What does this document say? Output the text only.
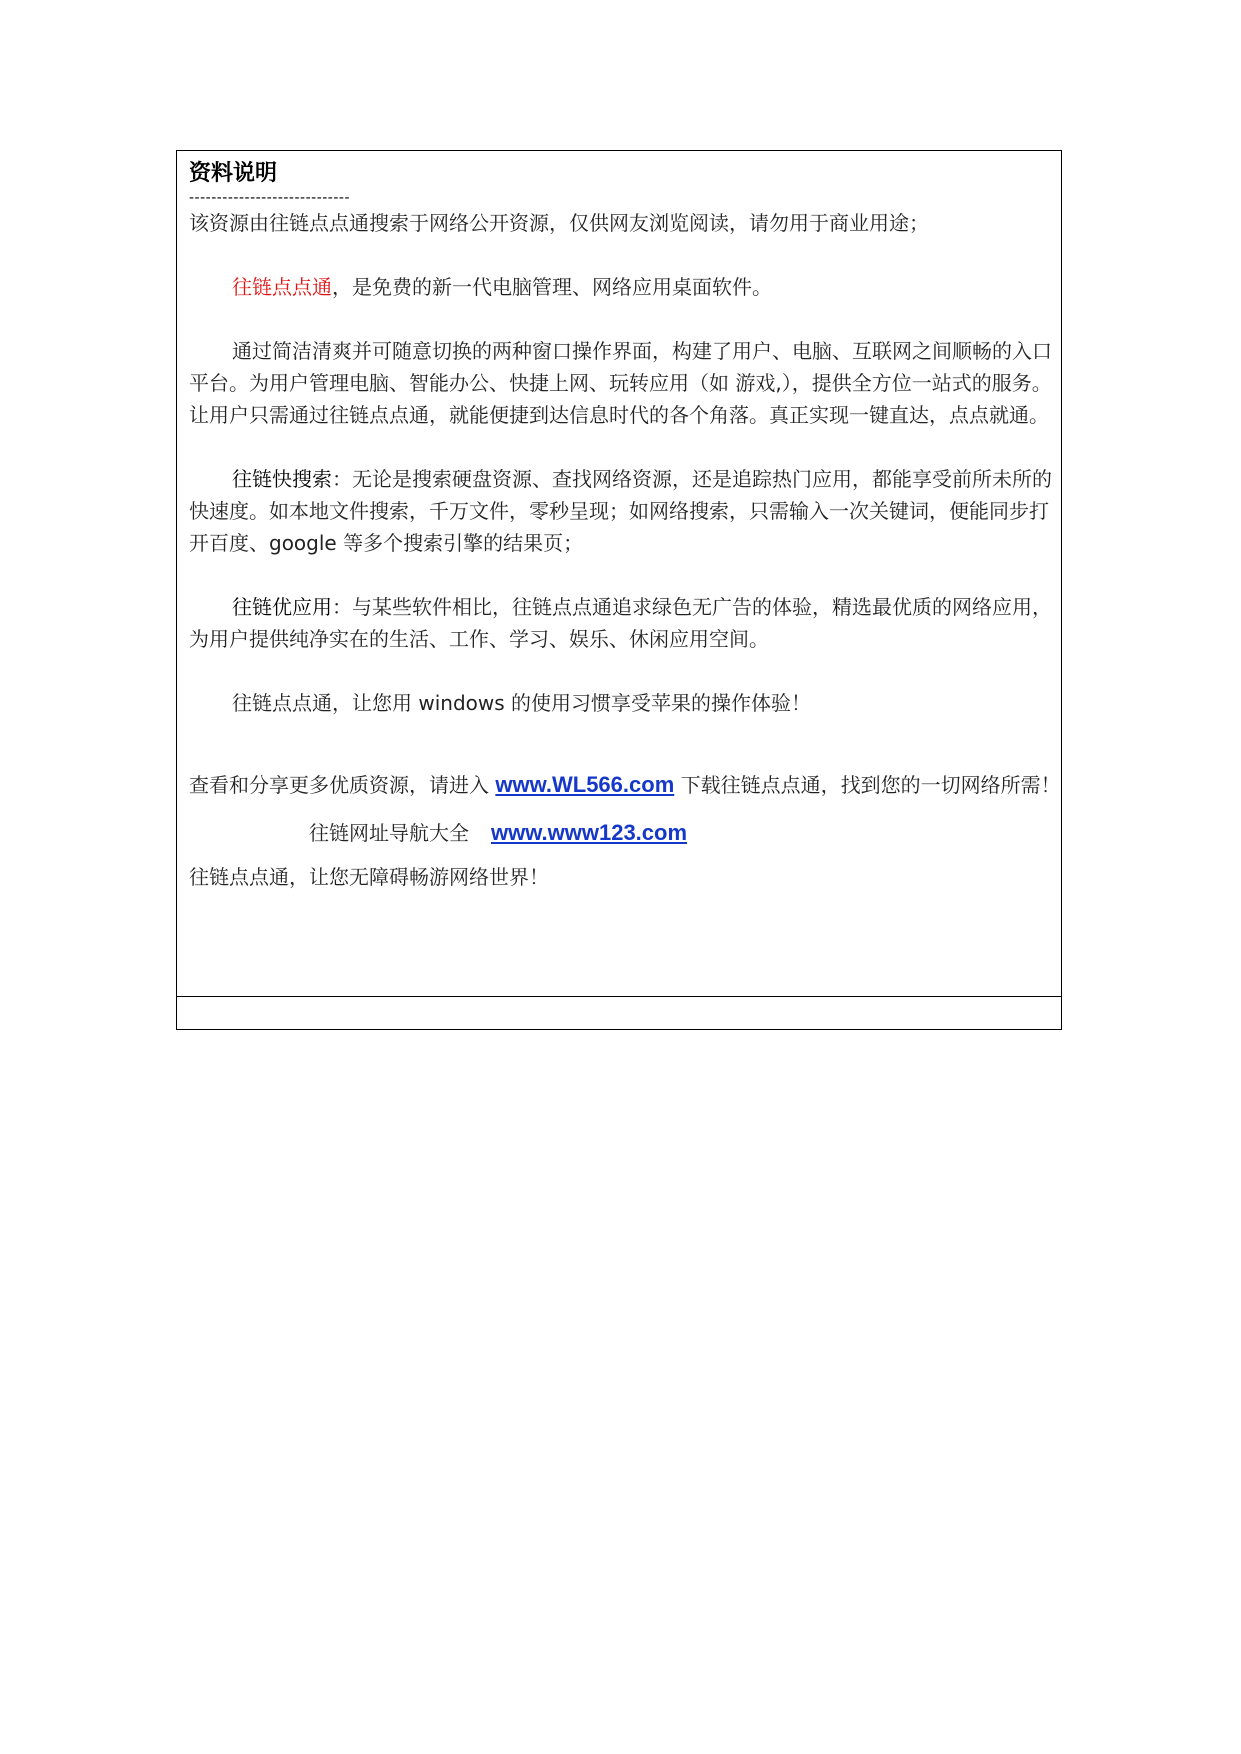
资料说明
-----------------------------

该资源由往链点点通搜索于网络公开资源，仅供网友浏览阅读，请勿用于商业用途；

往链点点通，是免费的新一代电脑管理、网络应用桌面软件。

通过简洁清爽并可随意切换的两种窗口操作界面，构建了用户、电脑、互联网之间顺畅的入口平台。为用户管理电脑、智能办公、快捷上网、玩转应用（如 游戏,），提供全方位一站式的服务。让用户只需通过往链点点通，就能便捷到达信息时代的各个角落。真正实现一键直达，点点就通。

往链快搜索：无论是搜索硬盘资源、查找网络资源，还是追踪热门应用，都能享受前所未所的快速度。如本地文件搜索，千万文件，零秒呈现；如网络搜索，只需输入一次关键词，便能同步打开百度、google 等多个搜索引擎的结果页；

往链优应用：与某些软件相比，往链点点通追求绿色无广告的体验，精选最优质的网络应用，为用户提供纯净实在的生活、工作、学习、娱乐、休闲应用空间。

往链点点通，让您用 windows 的使用习惯享受苹果的操作体验！

查看和分享更多优质资源，请进入 www.WL566.com 下载往链点点通，找到您的一切网络所需！

往链网址导航大全 www.www123.com

往链点点通，让您无障碍畅游网络世界！
